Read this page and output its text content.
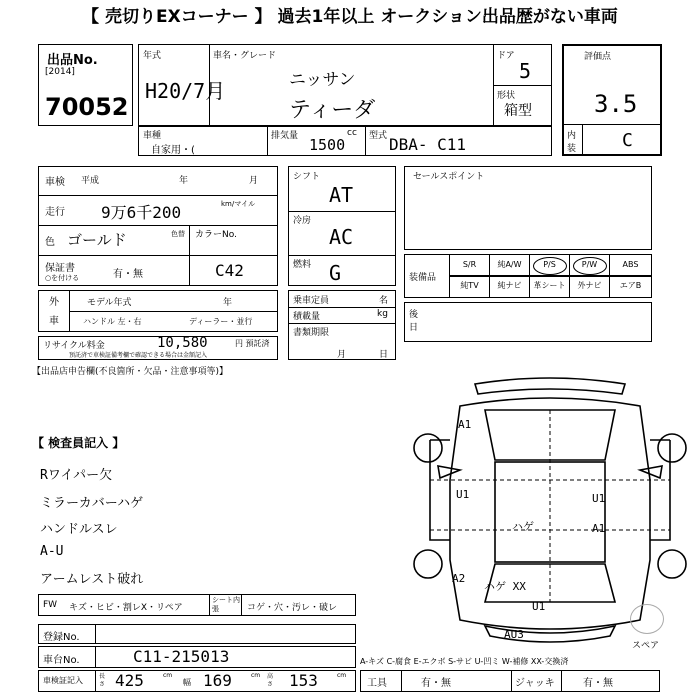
【 売切りEXコーナー 】 過去1年以上 オークション出品歴がない車両
出品No.
[2014]
70052
年式
H20/7月
車名・グレード
ニッサン
ティーダ
ドア
5
形状
箱型
評価点
3.5
内装	C
車種
自家用・(
排気量	cc
1500	型式 DBA- C11
車検 平成	年	月
走行 9万6千200	km/マイル
色 ゴールド	色替 カラーNo.
保証書
○を付ける	有・無	C42
外車
モデル年式	年
ハンドル 左・右	ディーラー・並行
リサイクル料金	10,580	円 預託済
預託済で車検証備考欄で確認できる場合は金額記入
シフト
AT
冷房
AC
燃料 G
乗車定員	名
積載量	kg
書類期限
月	日
セールスポイント
装備品
S/R	純A/W	P/S	P/W	ABS
純TV	純ナビ	革シート	外ナビ	エアB
後日
【出品店申告欄(不良箇所・欠品・注意事項等)】
【 検査員記入 】
Rワイパー欠
ミラーカバーハゲ
ハンドルスレ
A-U
アームレスト破れ
FW キズ・ヒビ・割レX・リペア
シート内張	コゲ・穴・汚レ・破レ
登録No.
車台No.	C11-215013
車検証記入	長さ 425	cm
幅 169	cm 高さ 153	cm
A1
U1	U1
A1
ハゲ
A2
ハゲ XX
U1
AU3
スペア
A-キズ C-腐食 E-エクボ S-サビ U-凹ミ W-補修 XX-交換済
工具	有・無	ジャッキ	有・無
